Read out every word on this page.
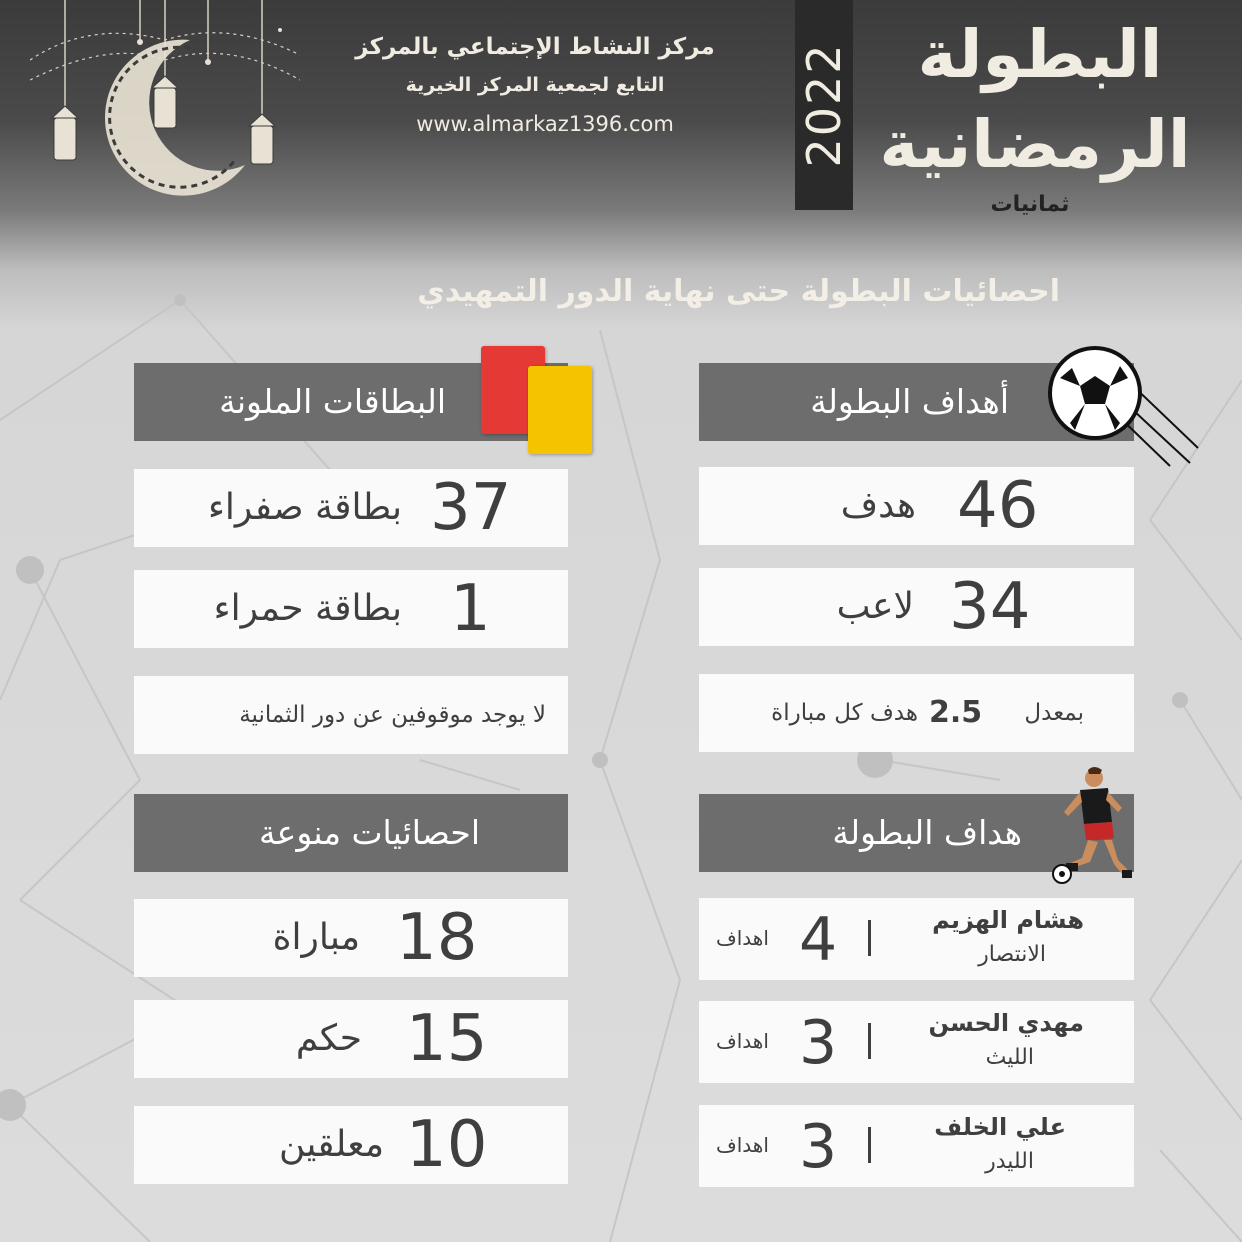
مركز النشاط الإجتماعي بالمركز
التابع لجمعية المركز الخيرية
www.almarkaz1396.com	2022	البطولة
الرمضانية
ثمانيات
احصائيات البطولة حتى نهاية الدور التمهيدي
أهداف البطولة
46
هدف
34
لاعب
بمعدل
2.5
هدف كل مباراة
البطاقات الملونة
37
بطاقة صفراء
1
بطاقة حمراء
لا يوجد موقوفين عن دور الثمانية
هداف البطولة
هشام الهزيم
الانتصار
4
اهداف
مهدي الحسن
الليث
3
اهداف
علي الخلف
الليدر
3
اهداف
احصائيات منوعة
18
مباراة
15
حكم
10
معلقين
